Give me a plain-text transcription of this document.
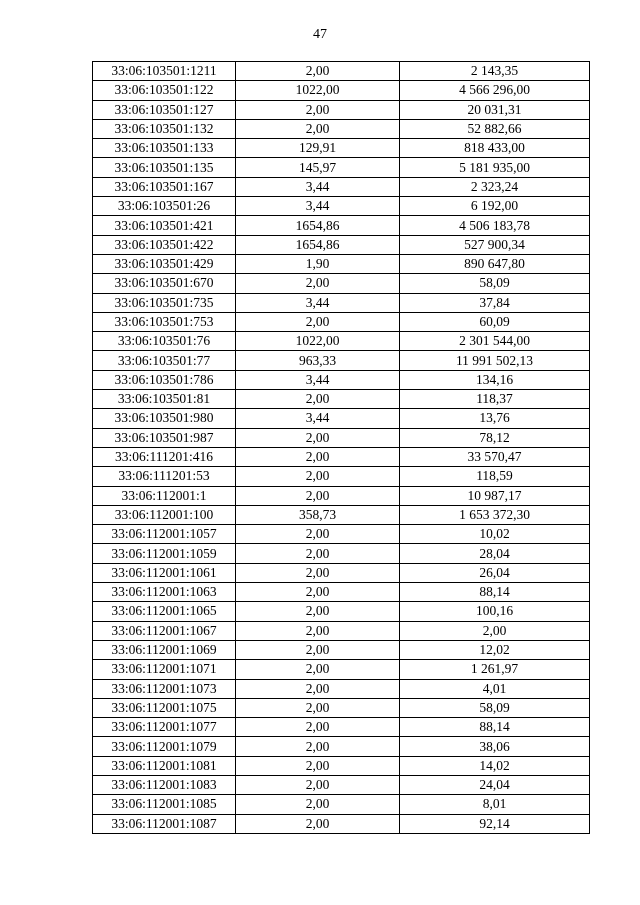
47
33:06:103501:1211	2,00	2 143,35
33:06:103501:122	1022,00	4 566 296,00
33:06:103501:127	2,00	20 031,31
33:06:103501:132	2,00	52 882,66
33:06:103501:133	129,91	818 433,00
33:06:103501:135	145,97	5 181 935,00
33:06:103501:167	3,44	2 323,24
33:06:103501:26	3,44	6 192,00
33:06:103501:421	1654,86	4 506 183,78
33:06:103501:422	1654,86	527 900,34
33:06:103501:429	1,90	890 647,80
33:06:103501:670	2,00	58,09
33:06:103501:735	3,44	37,84
33:06:103501:753	2,00	60,09
33:06:103501:76	1022,00	2 301 544,00
33:06:103501:77	963,33	11 991 502,13
33:06:103501:786	3,44	134,16
33:06:103501:81	2,00	118,37
33:06:103501:980	3,44	13,76
33:06:103501:987	2,00	78,12
33:06:111201:416	2,00	33 570,47
33:06:111201:53	2,00	118,59
33:06:112001:1	2,00	10 987,17
33:06:112001:100	358,73	1 653 372,30
33:06:112001:1057	2,00	10,02
33:06:112001:1059	2,00	28,04
33:06:112001:1061	2,00	26,04
33:06:112001:1063	2,00	88,14
33:06:112001:1065	2,00	100,16
33:06:112001:1067	2,00	2,00
33:06:112001:1069	2,00	12,02
33:06:112001:1071	2,00	1 261,97
33:06:112001:1073	2,00	4,01
33:06:112001:1075	2,00	58,09
33:06:112001:1077	2,00	88,14
33:06:112001:1079	2,00	38,06
33:06:112001:1081	2,00	14,02
33:06:112001:1083	2,00	24,04
33:06:112001:1085	2,00	8,01
33:06:112001:1087	2,00	92,14
